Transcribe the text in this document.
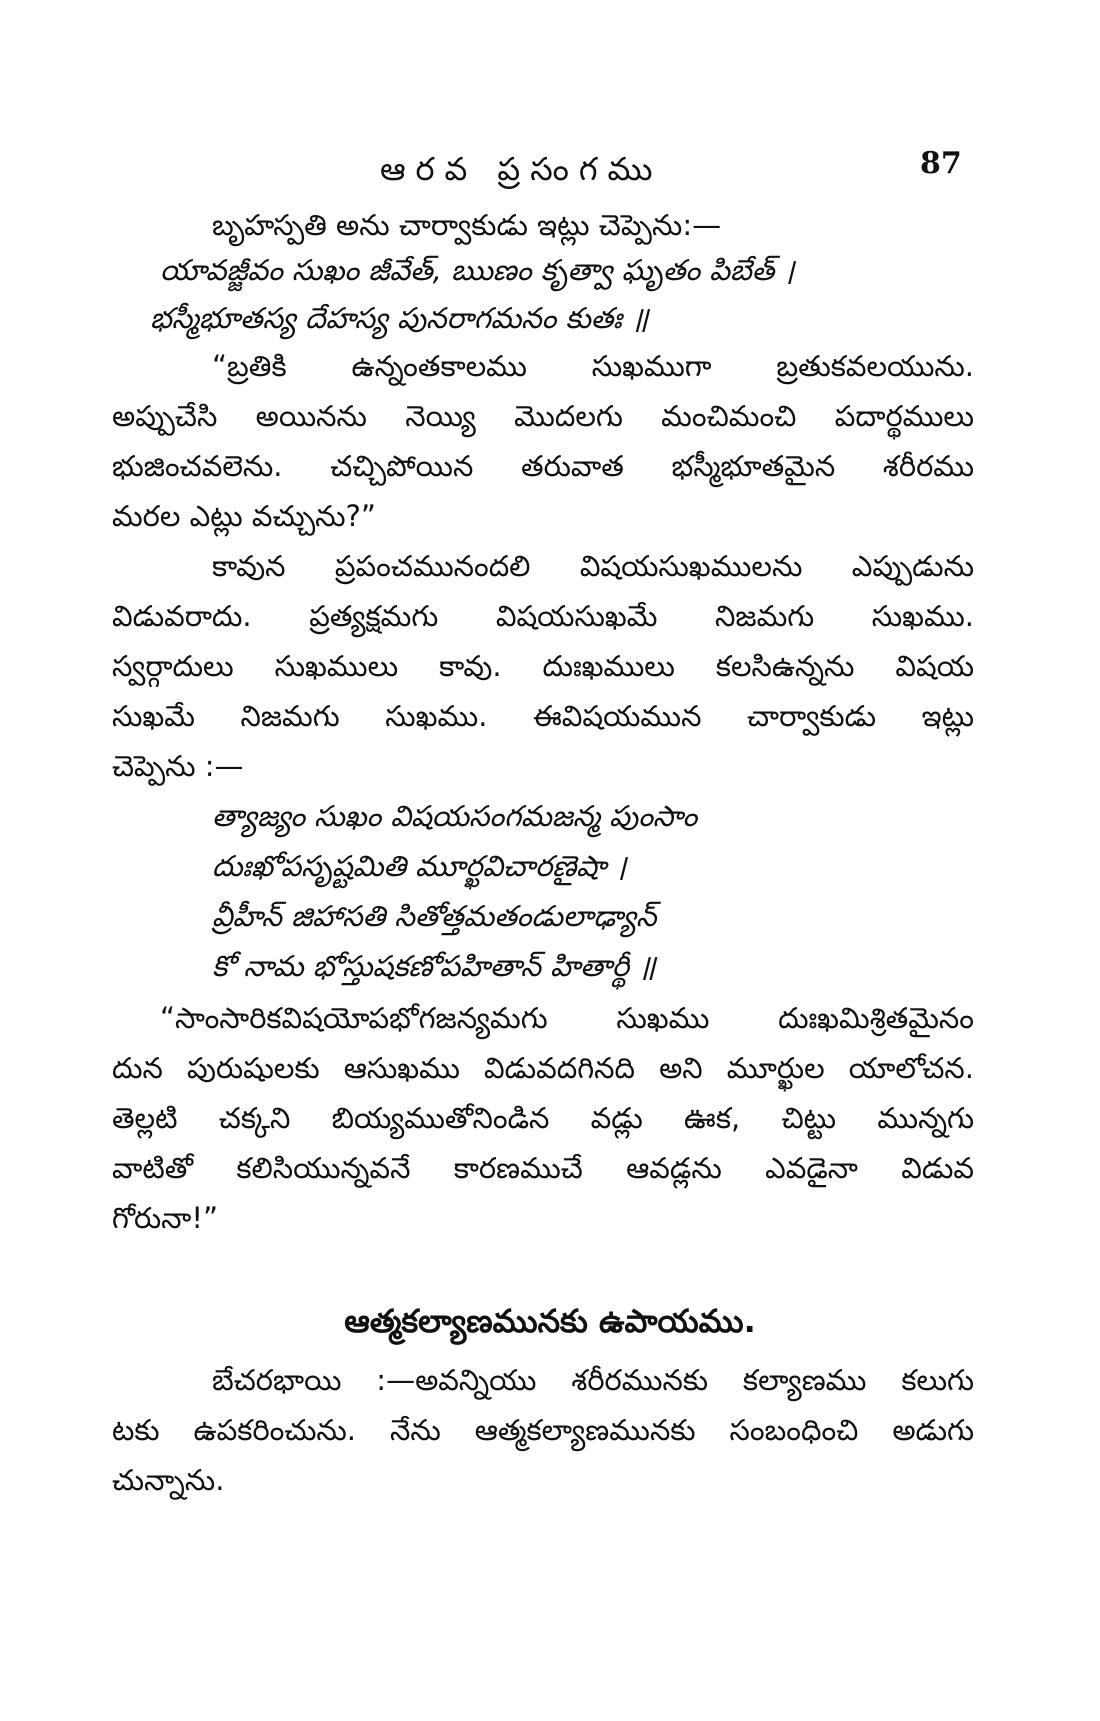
ఆరవ ప్రసంగము	87
బృహస్పతి అను చార్వాకుడు ఇట్లు చెప్పెను:—
యావజ్జీవం సుఖం జీవేత్, ఋణం కృత్వా ఘృతం పిబేత్ ।
భస్మీభూతస్య దేహస్య పునరాగమనం కుతః ॥
“బ్రతికి ఉన్నంతకాలము సుఖముగా బ్రతుకవలయును.
అప్పుచేసి అయినను నెయ్యి మొదలగు మంచిమంచి పదార్థములు
భుజించవలెను. చచ్చిపోయిన తరువాత భస్మీభూతమైన శరీరము
మరల ఎట్లు వచ్చును?”
కావున ప్రపంచమునందలి విషయసుఖములను ఎప్పుడును
విడువరాదు. ప్రత్యక్షమగు విషయసుఖమే నిజమగు సుఖము.
స్వర్గాదులు సుఖములు కావు. దుఃఖములు కలసిఉన్నను విషయ
సుఖమే నిజమగు సుఖము. ఈవిషయమున చార్వాకుడు ఇట్లు
చెప్పెను :—
త్యాజ్యం సుఖం విషయసంగమజన్మ పుంసాం
దుఃఖోపసృష్టమితి మూర్ఖవిచారణైషా ।
వ్రీహీన్ జిహాసతి సితోత్తమతండులాఢ్యాన్
కో నామ భోస్తుషకణోపహితాన్ హితార్థీ ॥
“సాంసారికవిషయోపభోగజన్యమగు సుఖము దుఃఖమిశ్రితమైనం
దున పురుషులకు ఆసుఖము విడువదగినది అని మూర్ఖుల యాలోచన.
తెల్లటి చక్కని బియ్యముతోనిండిన వడ్లు ఊక, చిట్టు మున్నగు
వాటితో కలిసియున్నవనే కారణముచే ఆవడ్లను ఎవడైనా విడువ
గోరునా!”
ఆత్మకల్యాణమునకు ఉపాయము.
బేచరభాయి :—అవన్నియు శరీరమునకు కల్యాణము కలుగు
టకు ఉపకరించును. నేను ఆత్మకల్యాణమునకు సంబంధించి అడుగు
చున్నాను.
